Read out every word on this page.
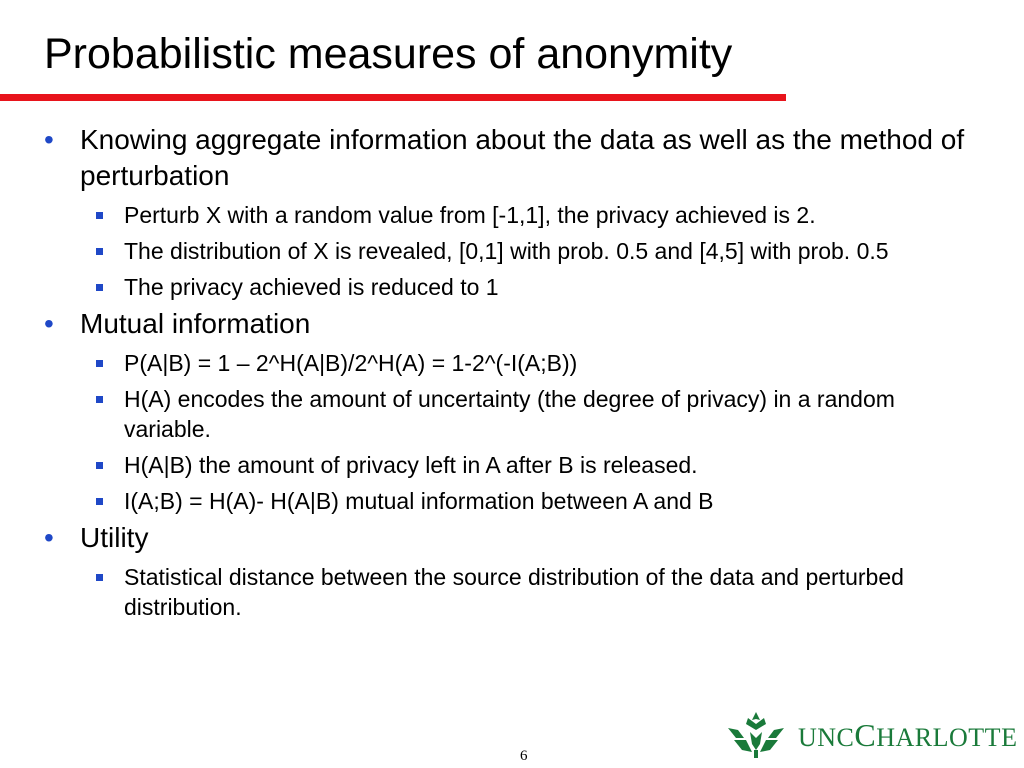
Probabilistic measures of anonymity
• Knowing aggregate information about the data as well as the method of perturbation
Perturb X with a random value from [-1,1], the privacy achieved is 2.
The distribution of X is revealed, [0,1] with prob. 0.5 and [4,5] with prob. 0.5
The privacy achieved is reduced to 1
• Mutual information
P(A|B) = 1 – 2^H(A|B)/2^H(A) = 1-2^(-I(A;B))
H(A) encodes the amount of uncertainty (the degree of privacy) in a random variable.
H(A|B) the amount of privacy left in A after B is released.
I(A;B) = H(A)- H(A|B) mutual information between A and B
• Utility
Statistical distance between the source distribution of the data and perturbed distribution.
UNCCHARLOTTE
6
